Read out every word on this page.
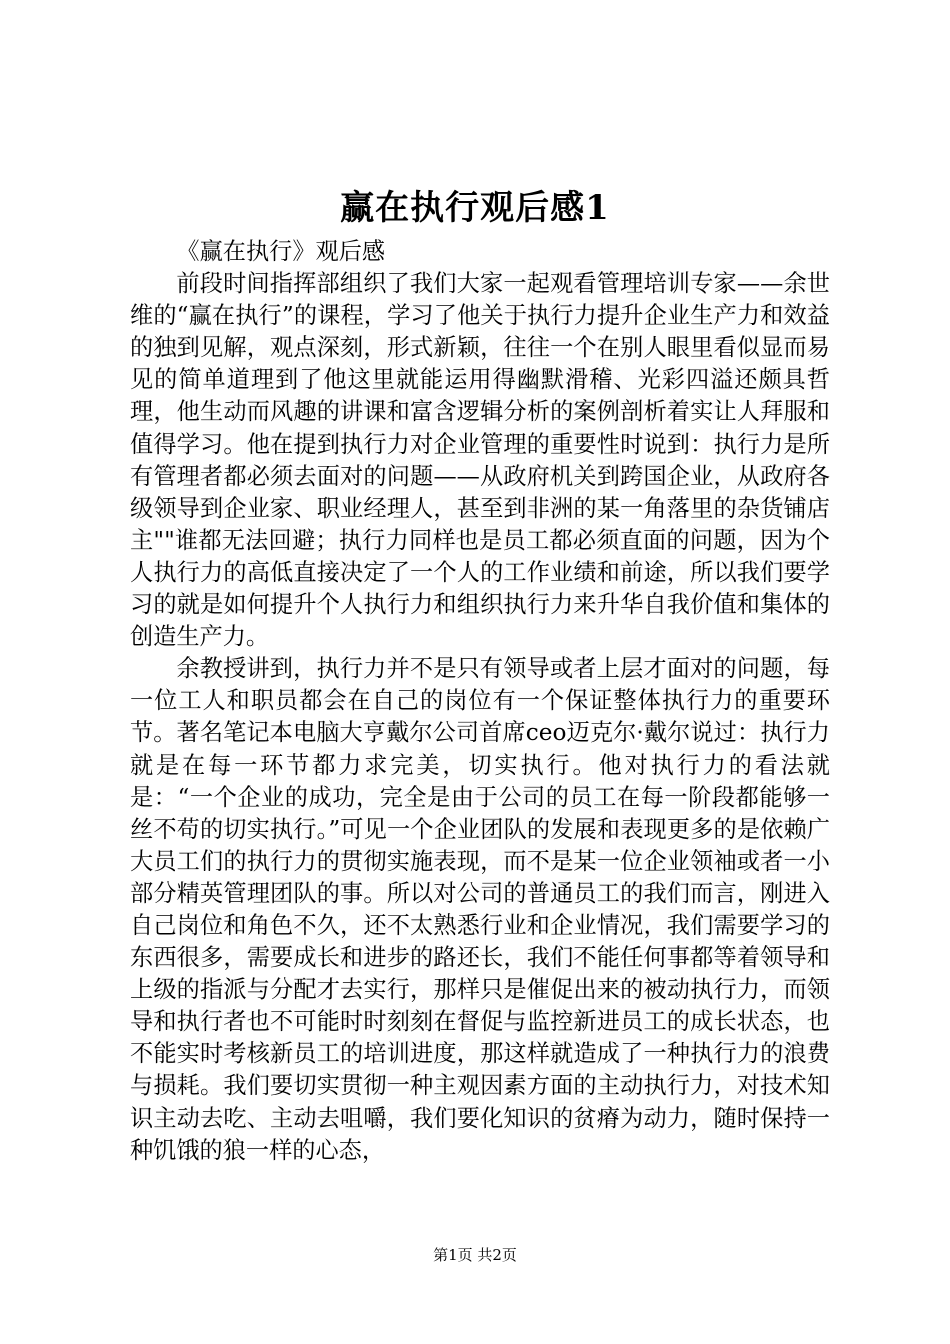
赢在执行观后感1

《赢在执行》观后感

前段时间指挥部组织了我们大家一起观看管理培训专家——余世维的“赢在执行”的课程，学习了他关于执行力提升企业生产力和效益的独到见解，观点深刻，形式新颖，往往一个在别人眼里看似显而易见的简单道理到了他这里就能运用得幽默滑稽、光彩四溢还颇具哲理，他生动而风趣的讲课和富含逻辑分析的案例剖析着实让人拜服和值得学习。他在提到执行力对企业管理的重要性时说到：执行力是所有管理者都必须去面对的问题——从政府机关到跨国企业，从政府各级领导到企业家、职业经理人，甚至到非洲的某一角落里的杂货铺店主""谁都无法回避；执行力同样也是员工都必须直面的问题，因为个人执行力的高低直接决定了一个人的工作业绩和前途，所以我们要学习的就是如何提升个人执行力和组织执行力来升华自我价值和集体的创造生产力。

余教授讲到，执行力并不是只有领导或者上层才面对的问题，每一位工人和职员都会在自己的岗位有一个保证整体执行力的重要环节。著名笔记本电脑大亨戴尔公司首席ceo迈克尔·戴尔说过：执行力就是在每一环节都力求完美，切实执行。他对执行力的看法就是：“一个企业的成功，完全是由于公司的员工在每一阶段都能够一丝不苟的切实执行。”可见一个企业团队的发展和表现更多的是依赖广大员工们的执行力的贯彻实施表现，而不是某一位企业领袖或者一小部分精英管理团队的事。所以对公司的普通员工的我们而言，刚进入自己岗位和角色不久，还不太熟悉行业和企业情况，我们需要学习的东西很多，需要成长和进步的路还长，我们不能任何事都等着领导和上级的指派与分配才去实行，那样只是催促出来的被动执行力，而领导和执行者也不可能时时刻刻在督促与监控新进员工的成长状态，也不能实时考核新员工的培训进度，那这样就造成了一种执行力的浪费与损耗。我们要切实贯彻一种主观因素方面的主动执行力，对技术知识主动去吃、主动去咀嚼，我们要化知识的贫瘠为动力，随时保持一种饥饿的狼一样的心态，

第1页 共2页
